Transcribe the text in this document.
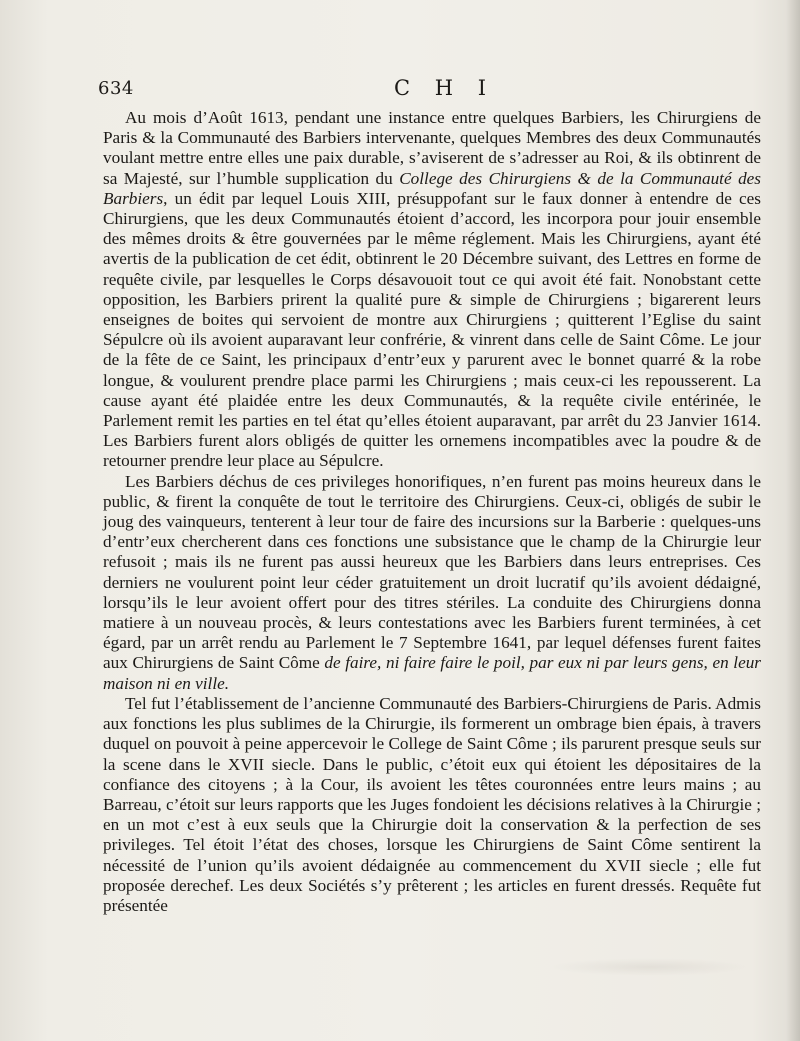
634	C H I

Au mois d’Août 1613, pendant une instance entre quelques Barbiers, les Chirurgiens de Paris & la Communauté des Barbiers intervenante, quelques Membres des deux Communautés voulant mettre entre elles une paix durable, s’aviserent de s’adresser au Roi, & ils obtinrent de sa Majesté, sur l’humble supplication du College des Chirurgiens & de la Communauté des Barbiers, un édit par lequel Louis XIII, présuppofant sur le faux donner à entendre de ces Chirurgiens, que les deux Communautés étoient d’accord, les incorpora pour jouir ensemble des mêmes droits & être gouvernées par le même réglement. Mais les Chirurgiens, ayant été avertis de la publication de cet édit, obtinrent le 20 Décembre suivant, des Lettres en forme de requête civile, par lesquelles le Corps désavouoit tout ce qui avoit été fait. Nonobstant cette opposition, les Barbiers prirent la qualité pure & simple de Chirurgiens ; bigarerent leurs enseignes de boites qui servoient de montre aux Chirurgiens ; quitterent l’Eglise du saint Sépulcre où ils avoient auparavant leur confrérie, & vinrent dans celle de Saint Côme. Le jour de la fête de ce Saint, les principaux d’entr’eux y parurent avec le bonnet quarré & la robe longue, & voulurent prendre place parmi les Chirurgiens ; mais ceux-ci les repousserent. La cause ayant été plaidée entre les deux Communautés, & la requête civile entérinée, le Parlement remit les parties en tel état qu’elles étoient auparavant, par arrêt du 23 Janvier 1614. Les Barbiers furent alors obligés de quitter les ornemens incompatibles avec la poudre & de retourner prendre leur place au Sépulcre.

Les Barbiers déchus de ces privileges honorifiques, n’en furent pas moins heureux dans le public, & firent la conquête de tout le territoire des Chirurgiens. Ceux-ci, obligés de subir le joug des vainqueurs, tenterent à leur tour de faire des incursions sur la Barberie : quelques-uns d’entr’eux chercherent dans ces fonctions une subsistance que le champ de la Chirurgie leur refusoit ; mais ils ne furent pas aussi heureux que les Barbiers dans leurs entreprises. Ces derniers ne voulurent point leur céder gratuitement un droit lucratif qu’ils avoient dédaigné, lorsqu’ils le leur avoient offert pour des titres stériles. La conduite des Chirurgiens donna matiere à un nouveau procès, & leurs contestations avec les Barbiers furent terminées, à cet égard, par un arrêt rendu au Parlement le 7 Septembre 1641, par lequel défenses furent faites aux Chirurgiens de Saint Côme de faire, ni faire faire le poil, par eux ni par leurs gens, en leur maison ni en ville.

Tel fut l’établissement de l’ancienne Communauté des Barbiers-Chirurgiens de Paris. Admis aux fonctions les plus sublimes de la Chirurgie, ils formerent un ombrage bien épais, à travers duquel on pouvoit à peine appercevoir le College de Saint Côme ; ils parurent presque seuls sur la scene dans le XVII siecle. Dans le public, c’étoit eux qui étoient les dépositaires de la confiance des citoyens ; à la Cour, ils avoient les têtes couronnées entre leurs mains ; au Barreau, c’étoit sur leurs rapports que les Juges fondoient les décisions relatives à la Chirurgie ; en un mot c’est à eux seuls que la Chirurgie doit la conservation & la perfection de ses privileges. Tel étoit l’état des choses, lorsque les Chirurgiens de Saint Côme sentirent la nécessité de l’union qu’ils avoient dédaignée au commencement du XVII siecle ; elle fut proposée derechef. Les deux Sociétés s’y prêterent ; les articles en furent dressés. Requête fut présentée
